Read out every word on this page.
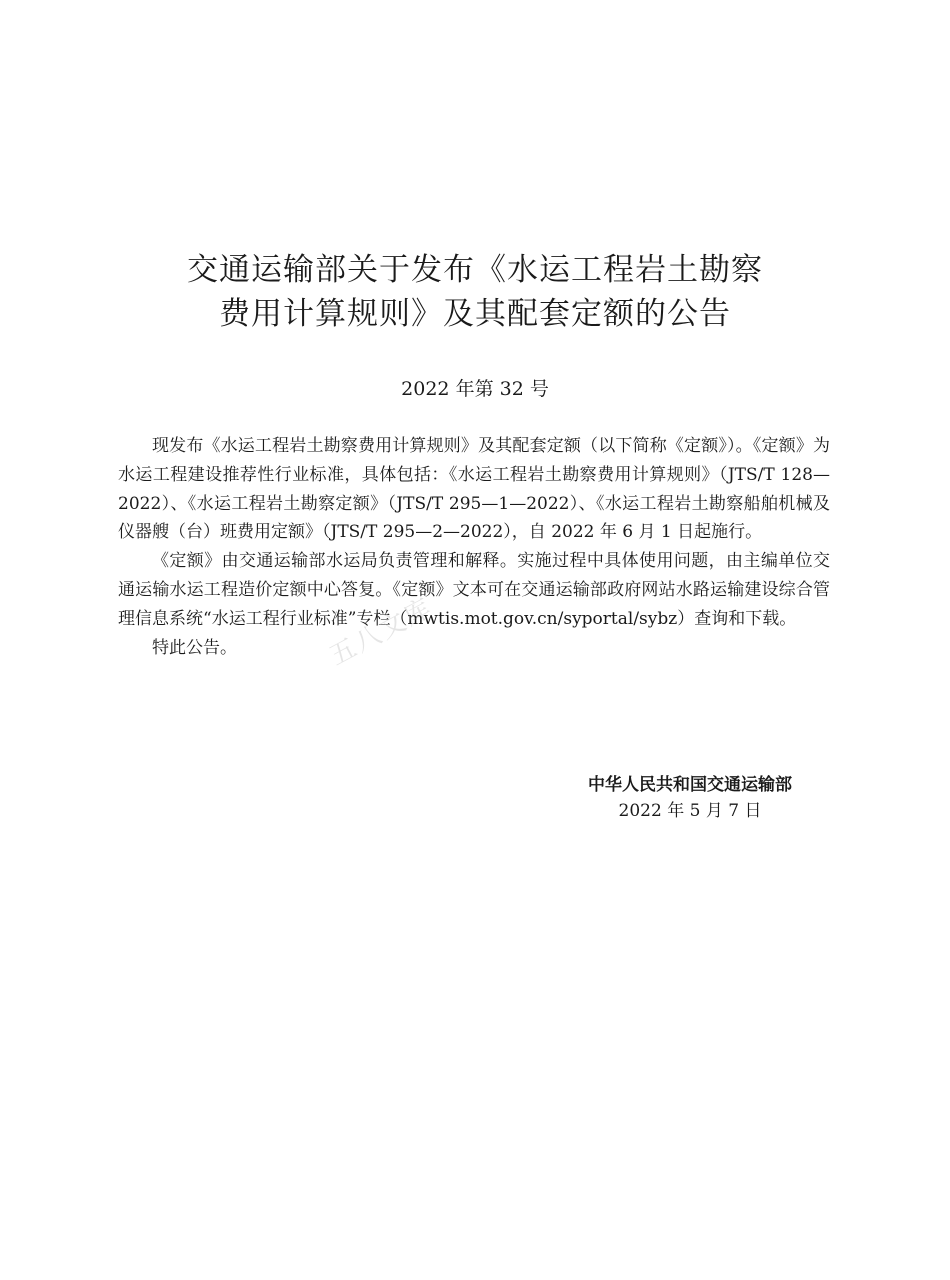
交通运输部关于发布《水运工程岩土勘察
费用计算规则》及其配套定额的公告
2022 年第 32 号

现发布《水运工程岩土勘察费用计算规则》及其配套定额（以下简称《定额》）。《定额》为水运工程建设推荐性行业标准，具体包括：《水运工程岩土勘察费用计算规则》（JTS/T 128—2022）、《水运工程岩土勘察定额》（JTS/T 295—1—2022）、《水运工程岩土勘察船舶机械及仪器艘（台）班费用定额》（JTS/T 295—2—2022），自 2022 年 6 月 1 日起施行。

《定额》由交通运输部水运局负责管理和解释。实施过程中具体使用问题，由主编单位交通运输水运工程造价定额中心答复。《定额》文本可在交通运输部政府网站水路运输建设综合管理信息系统“水运工程行业标准”专栏（mwtis.mot.gov.cn/syportal/sybz）查询和下载。

特此公告。	五八文库
中华人民共和国交通运输部
2022 年 5 月 7 日
